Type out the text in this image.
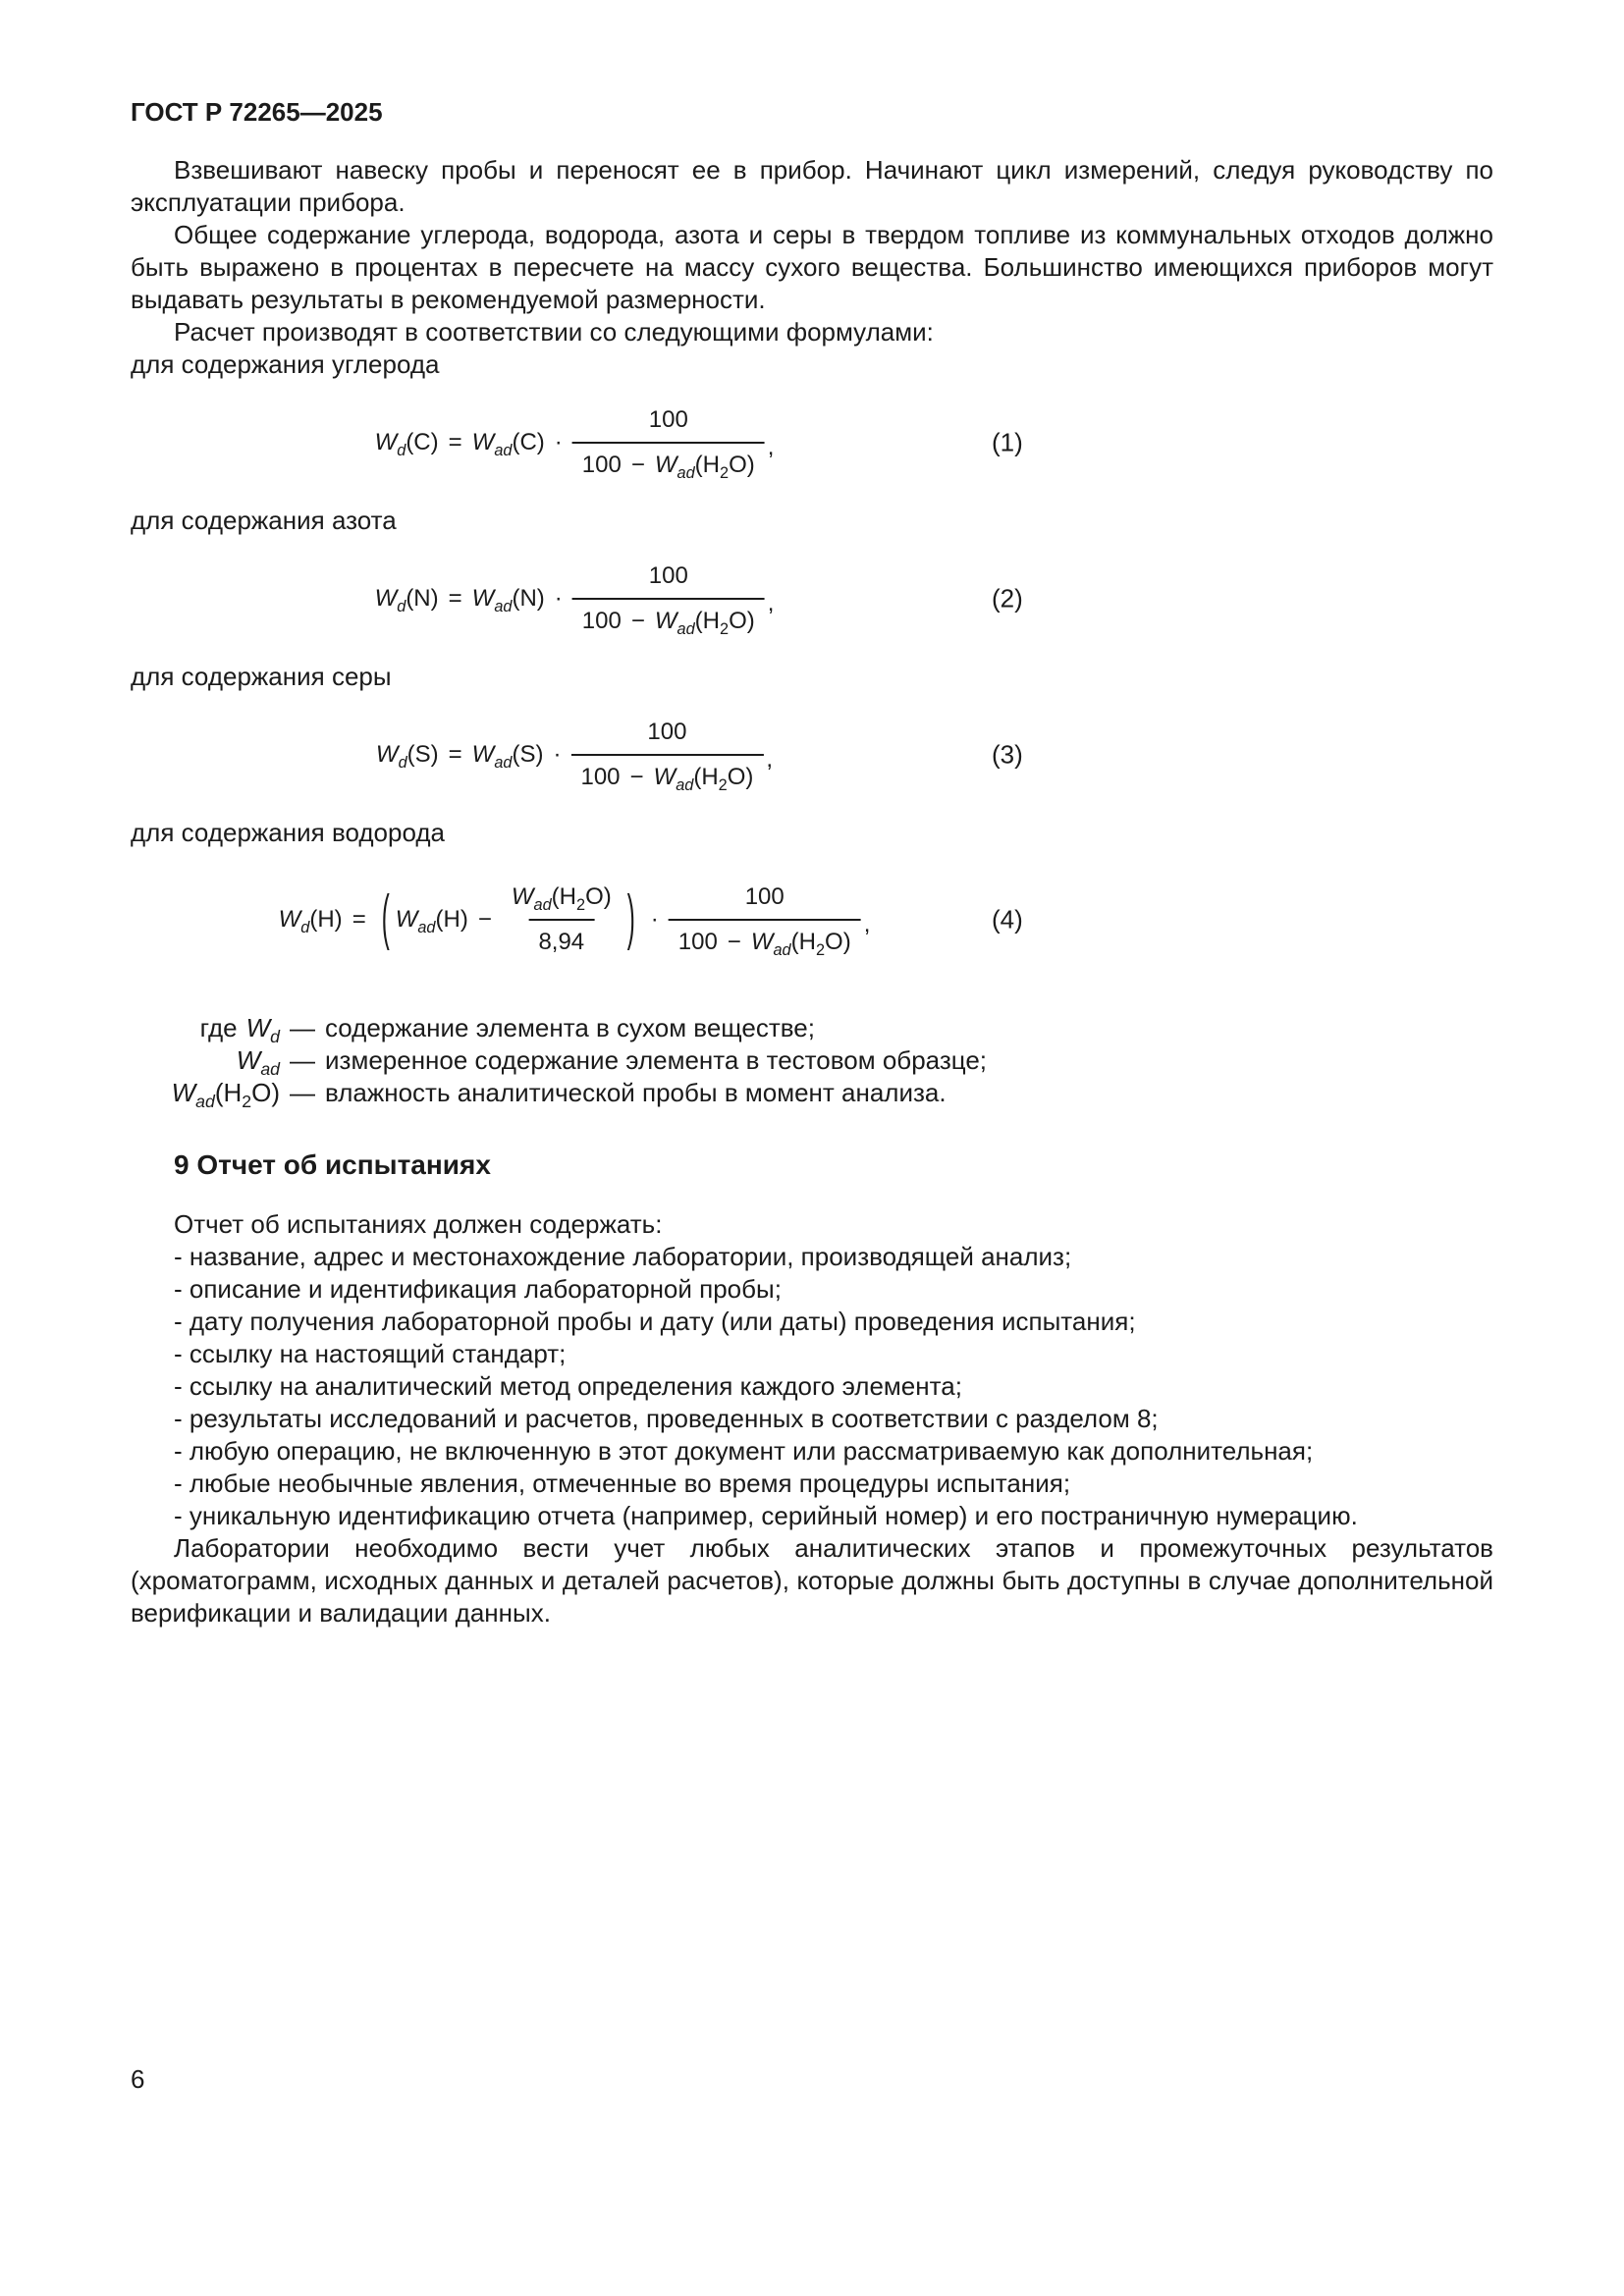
ГОСТ Р 72265—2025

Взвешивают навеску пробы и переносят ее в прибор. Начинают цикл измерений, следуя руководству по эксплуатации прибора.

Общее содержание углерода, водорода, азота и серы в твердом топливе из коммунальных отходов должно быть выражено в процентах в пересчете на массу сухого вещества. Большинство имеющихся приборов могут выдавать результаты в рекомендуемой размерности.

Расчет производят в соответствии со следующими формулами:

для содержания углерода

$W_d(C) = W_{ad}(C) \cdot \frac{100}{100 - W_{ad}(H_2O)}$ ,	(1)

для содержания азота

$W_d(N) = W_{ad}(N) \cdot \frac{100}{100 - W_{ad}(H_2O)}$ ,	(2)

для содержания серы

$W_d(S) = W_{ad}(S) \cdot \frac{100}{100 - W_{ad}(H_2O)}$ ,	(3)

для содержания водорода

$W_d(H)$ = ( $W_{ad}(H) - \frac{W_{ad}(H_2O)}{8,94}$ ) · $\frac{100}{100 - W_{ad}(H_2O)}$ ,	(4)
где $W_d$ — содержание элемента в сухом веществе;
$W_{ad}$ — измеренное содержание элемента в тестовом образце;
$W_{ad}(H_2O)$ — влажность аналитической пробы в момент анализа.
9 Отчет об испытаниях

Отчет об испытаниях должен содержать:

- название, адрес и местонахождение лаборатории, производящей анализ;
- описание и идентификация лабораторной пробы;
- дату получения лабораторной пробы и дату (или даты) проведения испытания;
- ссылку на настоящий стандарт;
- ссылку на аналитический метод определения каждого элемента;
- результаты исследований и расчетов, проведенных в соответствии с разделом 8;
- любую операцию, не включенную в этот документ или рассматриваемую как дополнительная;
- любые необычные явления, отмеченные во время процедуры испытания;
- уникальную идентификацию отчета (например, серийный номер) и его постраничную нумерацию.

Лаборатории необходимо вести учет любых аналитических этапов и промежуточных результатов (хроматограмм, исходных данных и деталей расчетов), которые должны быть доступны в случае дополнительной верификации и валидации данных.

6
